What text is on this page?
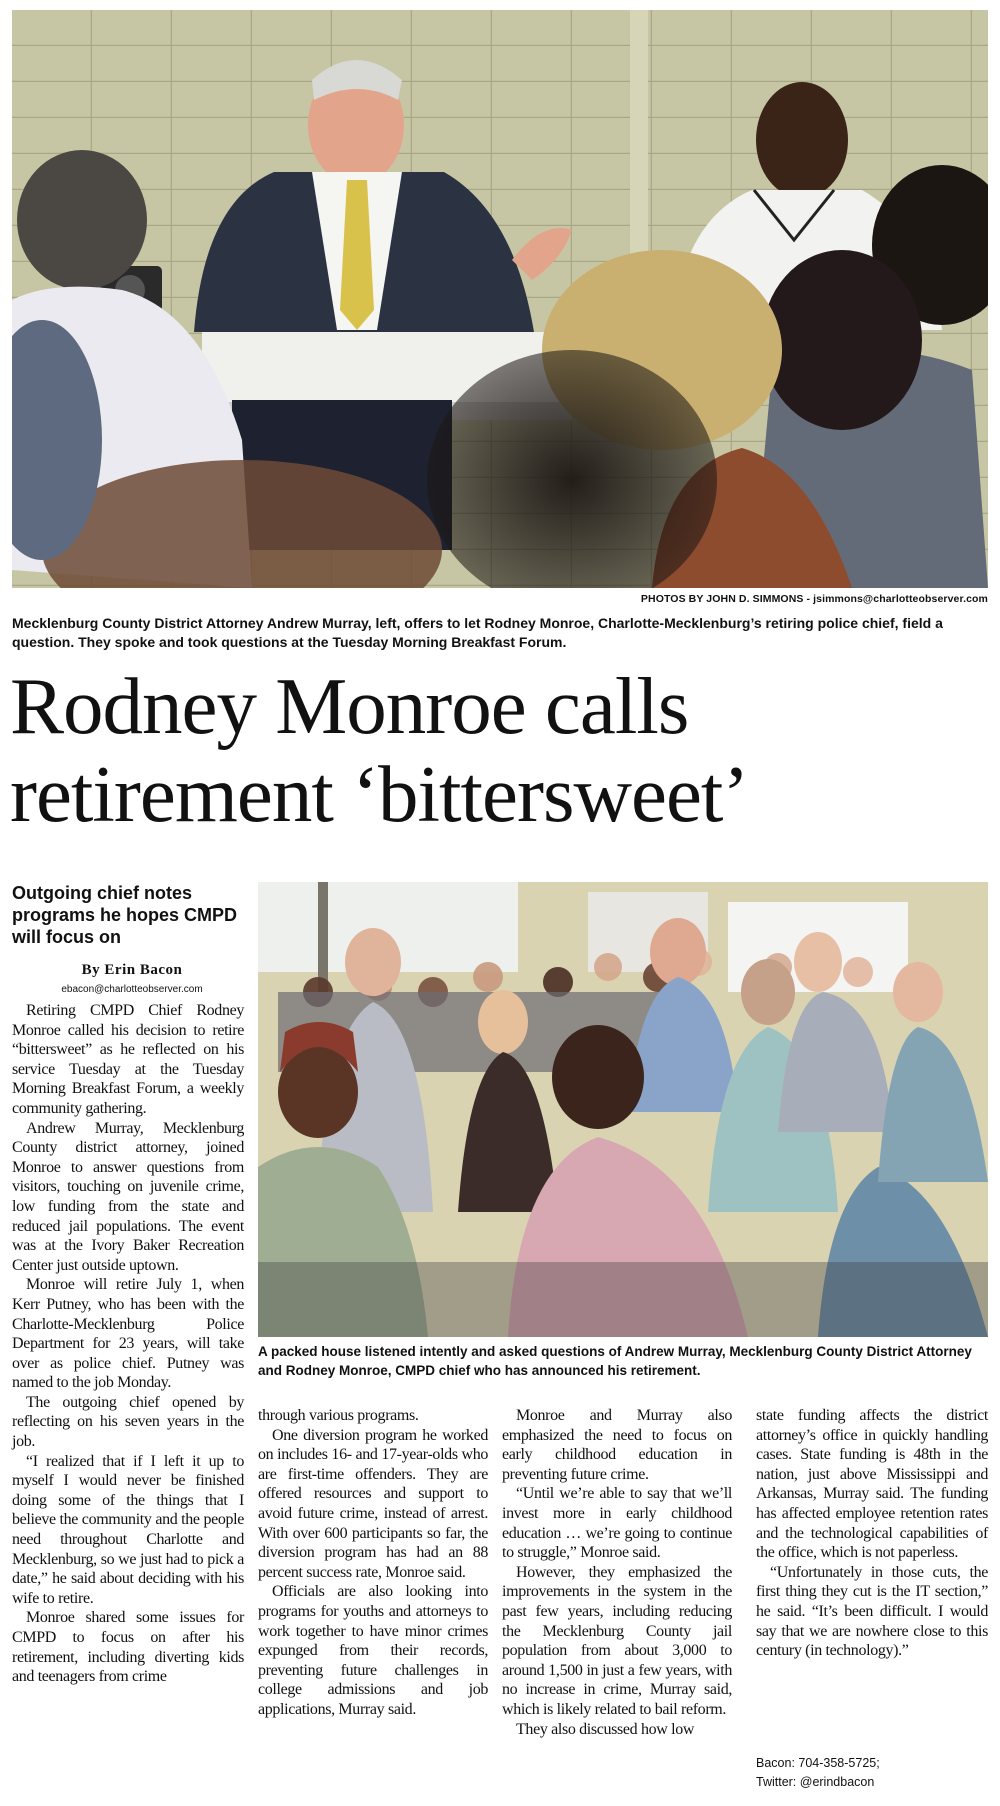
PHOTOS BY JOHN D. SIMMONS - jsimmons@charlotteobserver.com
Mecklenburg County District Attorney Andrew Murray, left, offers to let Rodney Monroe, Charlotte-Mecklenburg’s retiring police chief, field a question. They spoke and took questions at the Tuesday Morning Breakfast Forum.
Rodney Monroe calls
retirement ‘bittersweet’
Outgoing chief notes programs he hopes CMPD will focus on
By Erin Bacon
ebacon@charlotteobserver.com
A packed house listened intently and asked questions of Andrew Murray, Mecklenburg County District Attorney and Rodney Monroe, CMPD chief who has announced his retirement.

Retiring CMPD Chief Rodney Monroe called his decision to retire “bittersweet” as he reflected on his service Tuesday at the Tuesday Morning Breakfast Forum, a weekly community gathering.

Andrew Murray, Mecklenburg County district attorney, joined Monroe to answer questions from visitors, touching on juvenile crime, low funding from the state and reduced jail populations. The event was at the Ivory Baker Recreation Center just outside uptown.

Monroe will retire July 1, when Kerr Putney, who has been with the Charlotte-Mecklenburg Police Department for 23 years, will take over as police chief. Putney was named to the job Monday.

The outgoing chief opened by reflecting on his seven years in the job.

“I realized that if I left it up to myself I would never be finished doing some of the things that I believe the community and the people need throughout Charlotte and Mecklenburg, so we just had to pick a date,” he said about deciding with his wife to retire.

Monroe shared some issues for CMPD to focus on after his retirement, including diverting kids and teenagers from crime

through various programs.

One diversion program he worked on includes 16- and 17-year-olds who are first-time offenders. They are offered resources and support to avoid future crime, instead of arrest. With over 600 participants so far, the diversion program has had an 88 percent success rate, Monroe said.

Officials are also looking into programs for youths and attorneys to work together to have minor crimes expunged from their records, preventing future challenges in college admissions and job applications, Murray said.

Monroe and Murray also emphasized the need to focus on early childhood education in preventing future crime.

“Until we’re able to say that we’ll invest more in early childhood education … we’re going to continue to struggle,” Monroe said.

However, they emphasized the improvements in the system in the past few years, including reducing the Mecklenburg County jail population from about 3,000 to around 1,500 in just a few years, with no increase in crime, Murray said, which is likely related to bail reform.

They also discussed how low

state funding affects the district attorney’s office in quickly handling cases. State funding is 48th in the nation, just above Mississippi and Arkansas, Murray said. The funding has affected employee retention rates and the technological capabilities of the office, which is not paperless.

“Unfortunately in those cuts, the first thing they cut is the IT section,” he said. “It’s been difficult. I would say that we are nowhere close to this century (in technology).”

Bacon: 704-358-5725;
Twitter: @erindbacon
